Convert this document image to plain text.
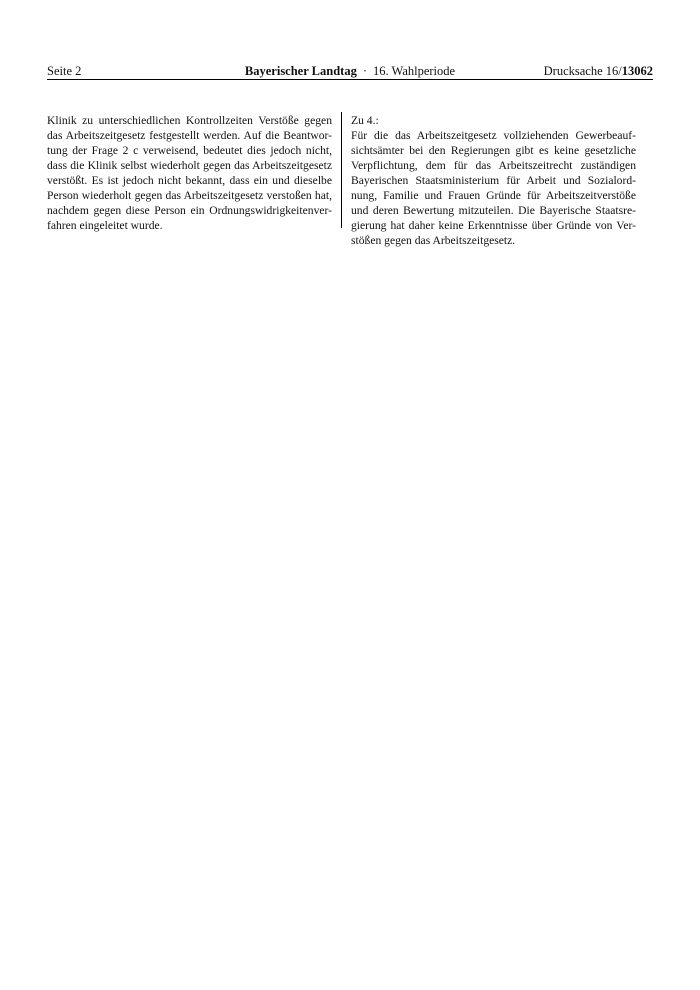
Seite 2	Bayerischer Landtag · 16. Wahlperiode	Drucksache 16/13062
Klinik zu unterschiedlichen Kontrollzeiten Verstöße gegen
das Arbeitszeitgesetz festgestellt werden. Auf die Beantwor-
tung der Frage 2 c verweisend, bedeutet dies jedoch nicht,
dass die Klinik selbst wiederholt gegen das Arbeitszeitgesetz
verstößt. Es ist jedoch nicht bekannt, dass ein und dieselbe
Person wiederholt gegen das Arbeitszeitgesetz verstoßen hat,
nachdem gegen diese Person ein Ordnungswidrigkeitenver-
fahren eingeleitet wurde.
Zu 4.:
Für die das Arbeitszeitgesetz vollziehenden Gewerbeauf-
sichtsämter bei den Regierungen gibt es keine gesetzliche
Verpflichtung, dem für das Arbeitszeitrecht zuständigen
Bayerischen Staatsministerium für Arbeit und Sozialord-
nung, Familie und Frauen Gründe für Arbeitszeitverstöße
und deren Bewertung mitzuteilen. Die Bayerische Staatsre-
gierung hat daher keine Erkenntnisse über Gründe von Ver-
stößen gegen das Arbeitszeitgesetz.
